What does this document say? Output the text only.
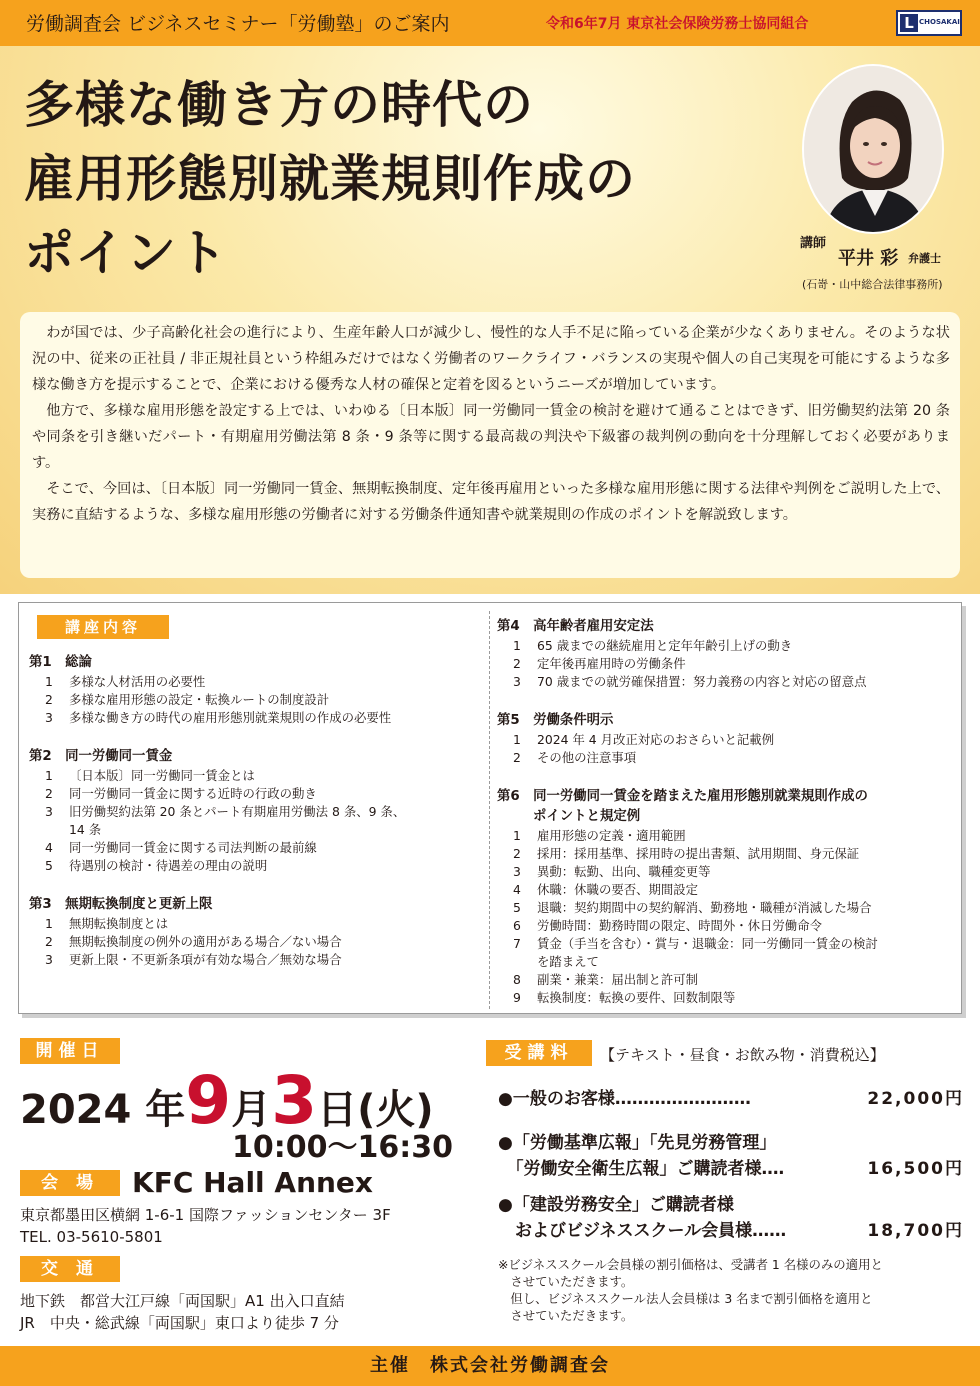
労働調査会 ビジネスセミナー「労働塾」のご案内	令和6年7月 東京社会保険労務士協同組合	L CHOSAKAI
多様な働き方の時代の
雇用形態別就業規則作成の
ポイント	講師
平井 彩 弁護士
(石嵜・山中総合法律事務所)

わが国では、少子高齢化社会の進行により、生産年齢人口が減少し、慢性的な人手不足に陥っている企業が少なくありません。そのような状況の中、従来の正社員 / 非正規社員という枠組みだけではなく労働者のワークライフ・バランスの実現や個人の自己実現を可能にするような多様な働き方を提示することで、企業における優秀な人材の確保と定着を図るというニーズが増加しています。

他方で、多様な雇用形態を設定する上では、いわゆる〔日本版〕同一労働同一賃金の検討を避けて通ることはできず、旧労働契約法第 20 条や同条を引き継いだパート・有期雇用労働法第 8 条・9 条等に関する最高裁の判決や下級審の裁判例の動向を十分理解しておく必要があります。

そこで、今回は、〔日本版〕同一労働同一賃金、無期転換制度、定年後再雇用といった多様な雇用形態に関する法律や判例をご説明した上で、実務に直結するような、多様な雇用形態の労働者に対する労働条件通知書や就業規則の作成のポイントを解説致します。

講座内容
第1　総論
1 多様な人材活用の必要性
2 多様な雇用形態の設定・転換ルートの制度設計
3 多様な働き方の時代の雇用形態別就業規則の作成の必要性
第2　同一労働同一賃金
1 〔日本版〕同一労働同一賃金とは
2 同一労働同一賃金に関する近時の行政の動き
3 旧労働契約法第 20 条とパート有期雇用労働法 8 条、9 条、
14 条
4 同一労働同一賃金に関する司法判断の最前線
5 待遇別の検討・待遇差の理由の説明
第3　無期転換制度と更新上限
1 無期転換制度とは
2 無期転換制度の例外の適用がある場合／ない場合
3 更新上限・不更新条項が有効な場合／無効な場合
第4　高年齢者雇用安定法
1 65 歳までの継続雇用と定年年齢引上げの動き
2 定年後再雇用時の労働条件
3 70 歳までの就労確保措置：努力義務の内容と対応の留意点
第5　労働条件明示
1 2024 年 4 月改正対応のおさらいと記載例
2 その他の注意事項
第6　同一労働同一賃金を踏まえた雇用形態別就業規則作成の
ポイントと規定例
1 雇用形態の定義・適用範囲
2 採用：採用基準、採用時の提出書類、試用期間、身元保証
3 異動：転勤、出向、職種変更等
4 休職：休職の要否、期間設定
5 退職：契約期間中の契約解消、勤務地・職種が消滅した場合
6 労働時間：勤務時間の限定、時間外・休日労働命令
7 賃金（手当を含む）・賞与・退職金：同一労働同一賃金の検討
を踏まえて
8 副業・兼業：届出制と許可制
9 転換制度：転換の要件、回数制限等
開催日
2024 年9月3日(火)
10:00～16:30
会 場	KFC Hall Annex
東京都墨田区横網 1-6-1 国際ファッションセンター 3F
TEL. 03-5610-5801
交 通
地下鉄　都営大江戸線「両国駅」A1 出入口直結
JR　中央・総武線「両国駅」東口より徒歩 7 分
受講料	【テキスト・昼食・お飲み物・消費税込】
●一般のお客様……………………	22,000円
●「労働基準広報」「先見労務管理」
　「労働安全衛生広報」ご購読者様‥‥	16,500円
●「建設労務安全」ご購読者様
　およびビジネススクール会員様‥‥‥	18,700円

※ビジネススクール会員様の割引価格は、受講者 1 名様のみの適用と

　させていただきます。

　但し、ビジネススクール法人会員様は 3 名まで割引価格を適用と

　させていただきます。

主催　株式会社労働調査会
